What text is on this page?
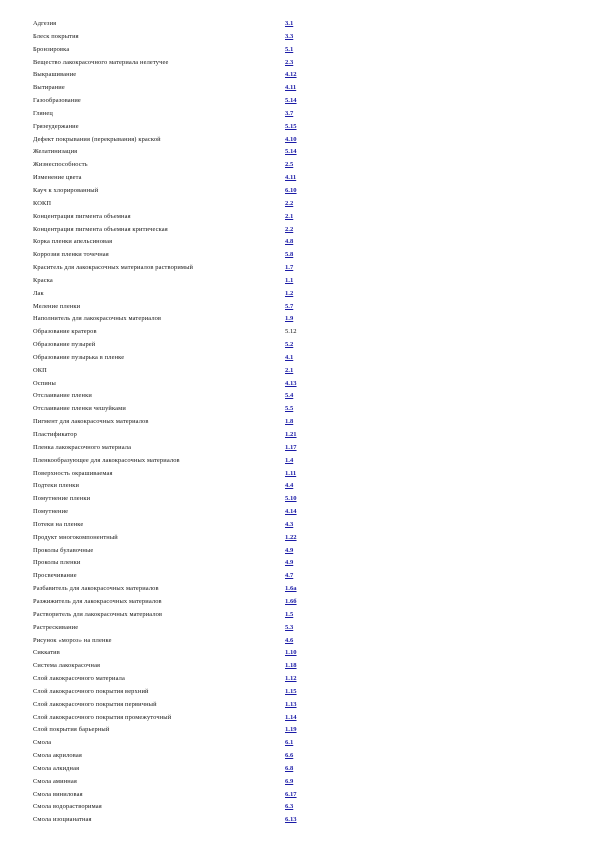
Адгезия	3.1
Блеск покрытия	3.3
Бронзировка	5.1
Вещество лакокрасочного материала нелетучее	2.3
Выкрашивание	4.12
Вытирание	4.11
Газообразование	5.14
Глянец	3.7
Грязеудержание	5.15
Дефект покрывания (перекрывания) краской	4.10
Желатинизация	5.14
Жизнеспособность	2.5
Изменение цвета	4.11
Кауч к хлорированный	6.10
КОКП	2.2
Концентрация пигмента объемная	2.1
Концентрация пигмента объемная критическая	2.2
Корка пленки апельсиновая	4.8
Коррозия пленки точечная	5.8
Краситель для лакокрасочных материалов растворимый	1.7
Краска	1.1
Лак	1.2
Меление пленки	5.7
Наполнитель для лакокрасочных материалов	1.9
Образование кратеров	5.12
Образование пузырей	5.2
Образование пузырька в пленке	4.1
ОКП	2.1
Оспины	4.13
Отслаивание пленки	5.4
Отслаивание пленки чешуйками	5.5
Пигмент для лакокрасочных материалов	1.8
Пластификатор	1.21
Пленка лакокрасочного материала	1.17
Пленкообразующее для лакокрасочных материалов	1.4
Поверхность окрашиваемая	1.11
Подтеки пленки	4.4
Помутнение пленки	5.10
Помутнение	4.14
Потеки на пленке	4.3
Продукт многокомпонентный	1.22
Проколы булавочные	4.9
Проколы пленки	4.9
Просвечивание	4.7
Разбавитель для лакокрасочных материалов	1.6а
Разжижитель для лакокрасочных материалов	1.6б
Растворитель для лакокрасочных материалов	1.5
Растрескивание	5.3
Рисунок «мороз» на пленке	4.6
Сиккатив	1.10
Система лакокрасочная	1.18
Слой лакокрасочного материала	1.12
Слой лакокрасочного покрытия верхний	1.15
Слой лакокрасочного покрытия первичный	1.13
Слой лакокрасочного покрытия промежуточный	1.14
Слой покрытия барьерный	1.19
Смола	6.1
Смола акриловая	6.6
Смола алкидная	6.8
Смола аминная	6.9
Смола виниловая	6.17
Смола водорастворимая	6.3
Смола изоцианатная	6.13
